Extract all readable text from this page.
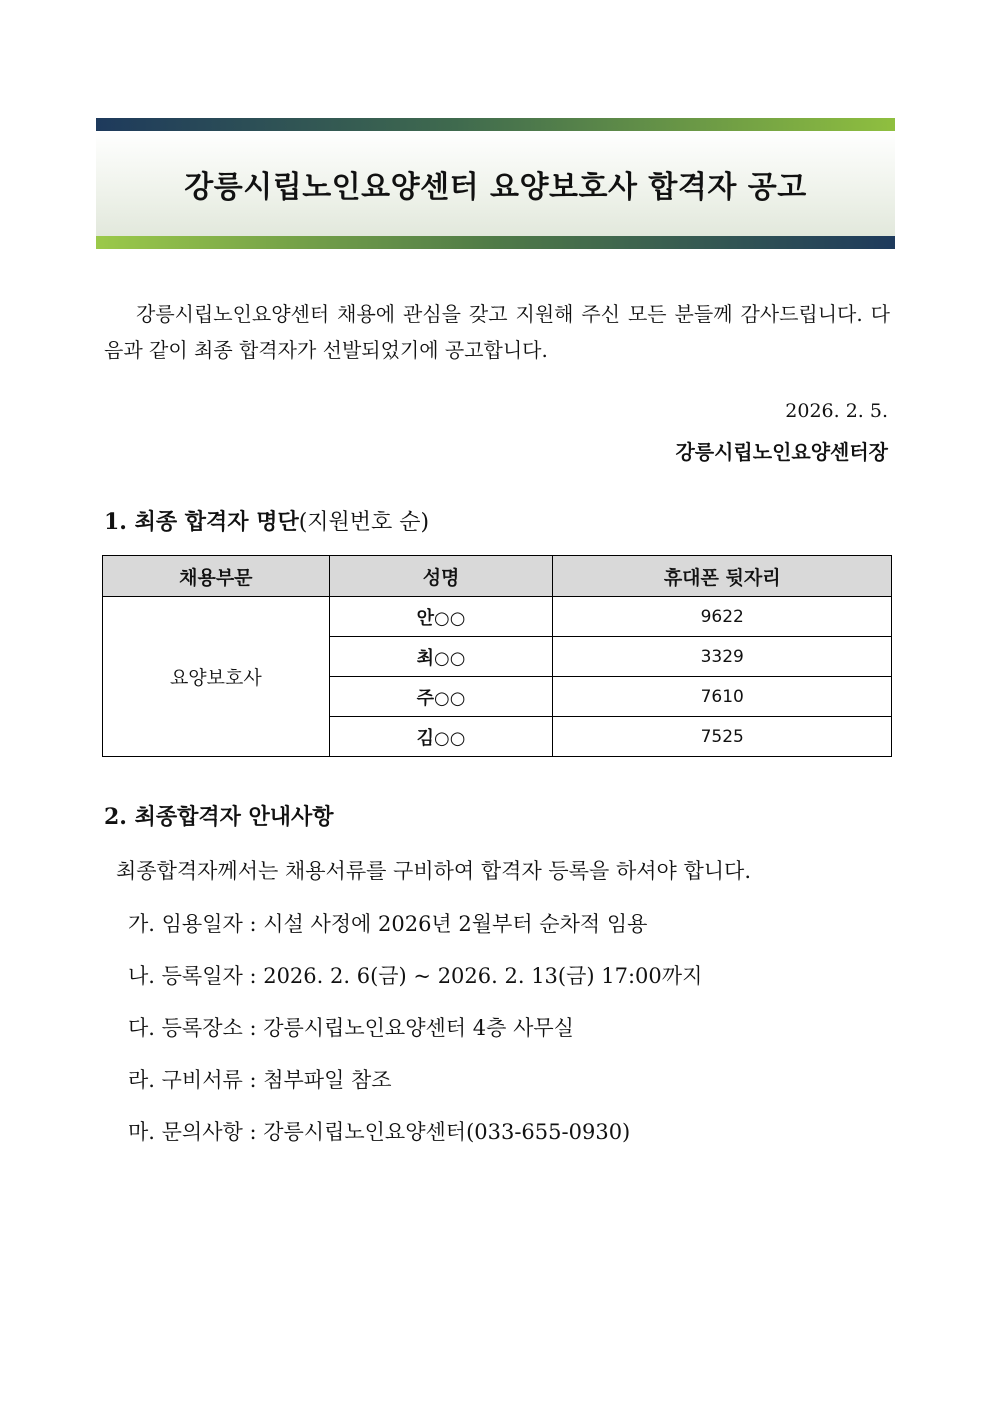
강릉시립노인요양센터 요양보호사 합격자 공고
강릉시립노인요양센터 채용에 관심을 갖고 지원해 주신 모든 분들께 감사드립니다. 다음과 같이 최종 합격자가 선발되었기에 공고합니다.
2026. 2. 5.
강릉시립노인요양센터장
1. 최종 합격자 명단(지원번호 순)
채용부문	성명	휴대폰 뒷자리
요양보호사	안○○	9622
	최○○	3329
	주○○	7610
	김○○	7525
2. 최종합격자 안내사항
최종합격자께서는 채용서류를 구비하여 합격자 등록을 하셔야 합니다.
가. 임용일자 : 시설 사정에 2026년 2월부터 순차적 임용
나. 등록일자 : 2026. 2. 6(금) ~ 2026. 2. 13(금) 17:00까지
다. 등록장소 : 강릉시립노인요양센터 4층 사무실
라. 구비서류 : 첨부파일 참조
마. 문의사항 : 강릉시립노인요양센터(033-655-0930)
